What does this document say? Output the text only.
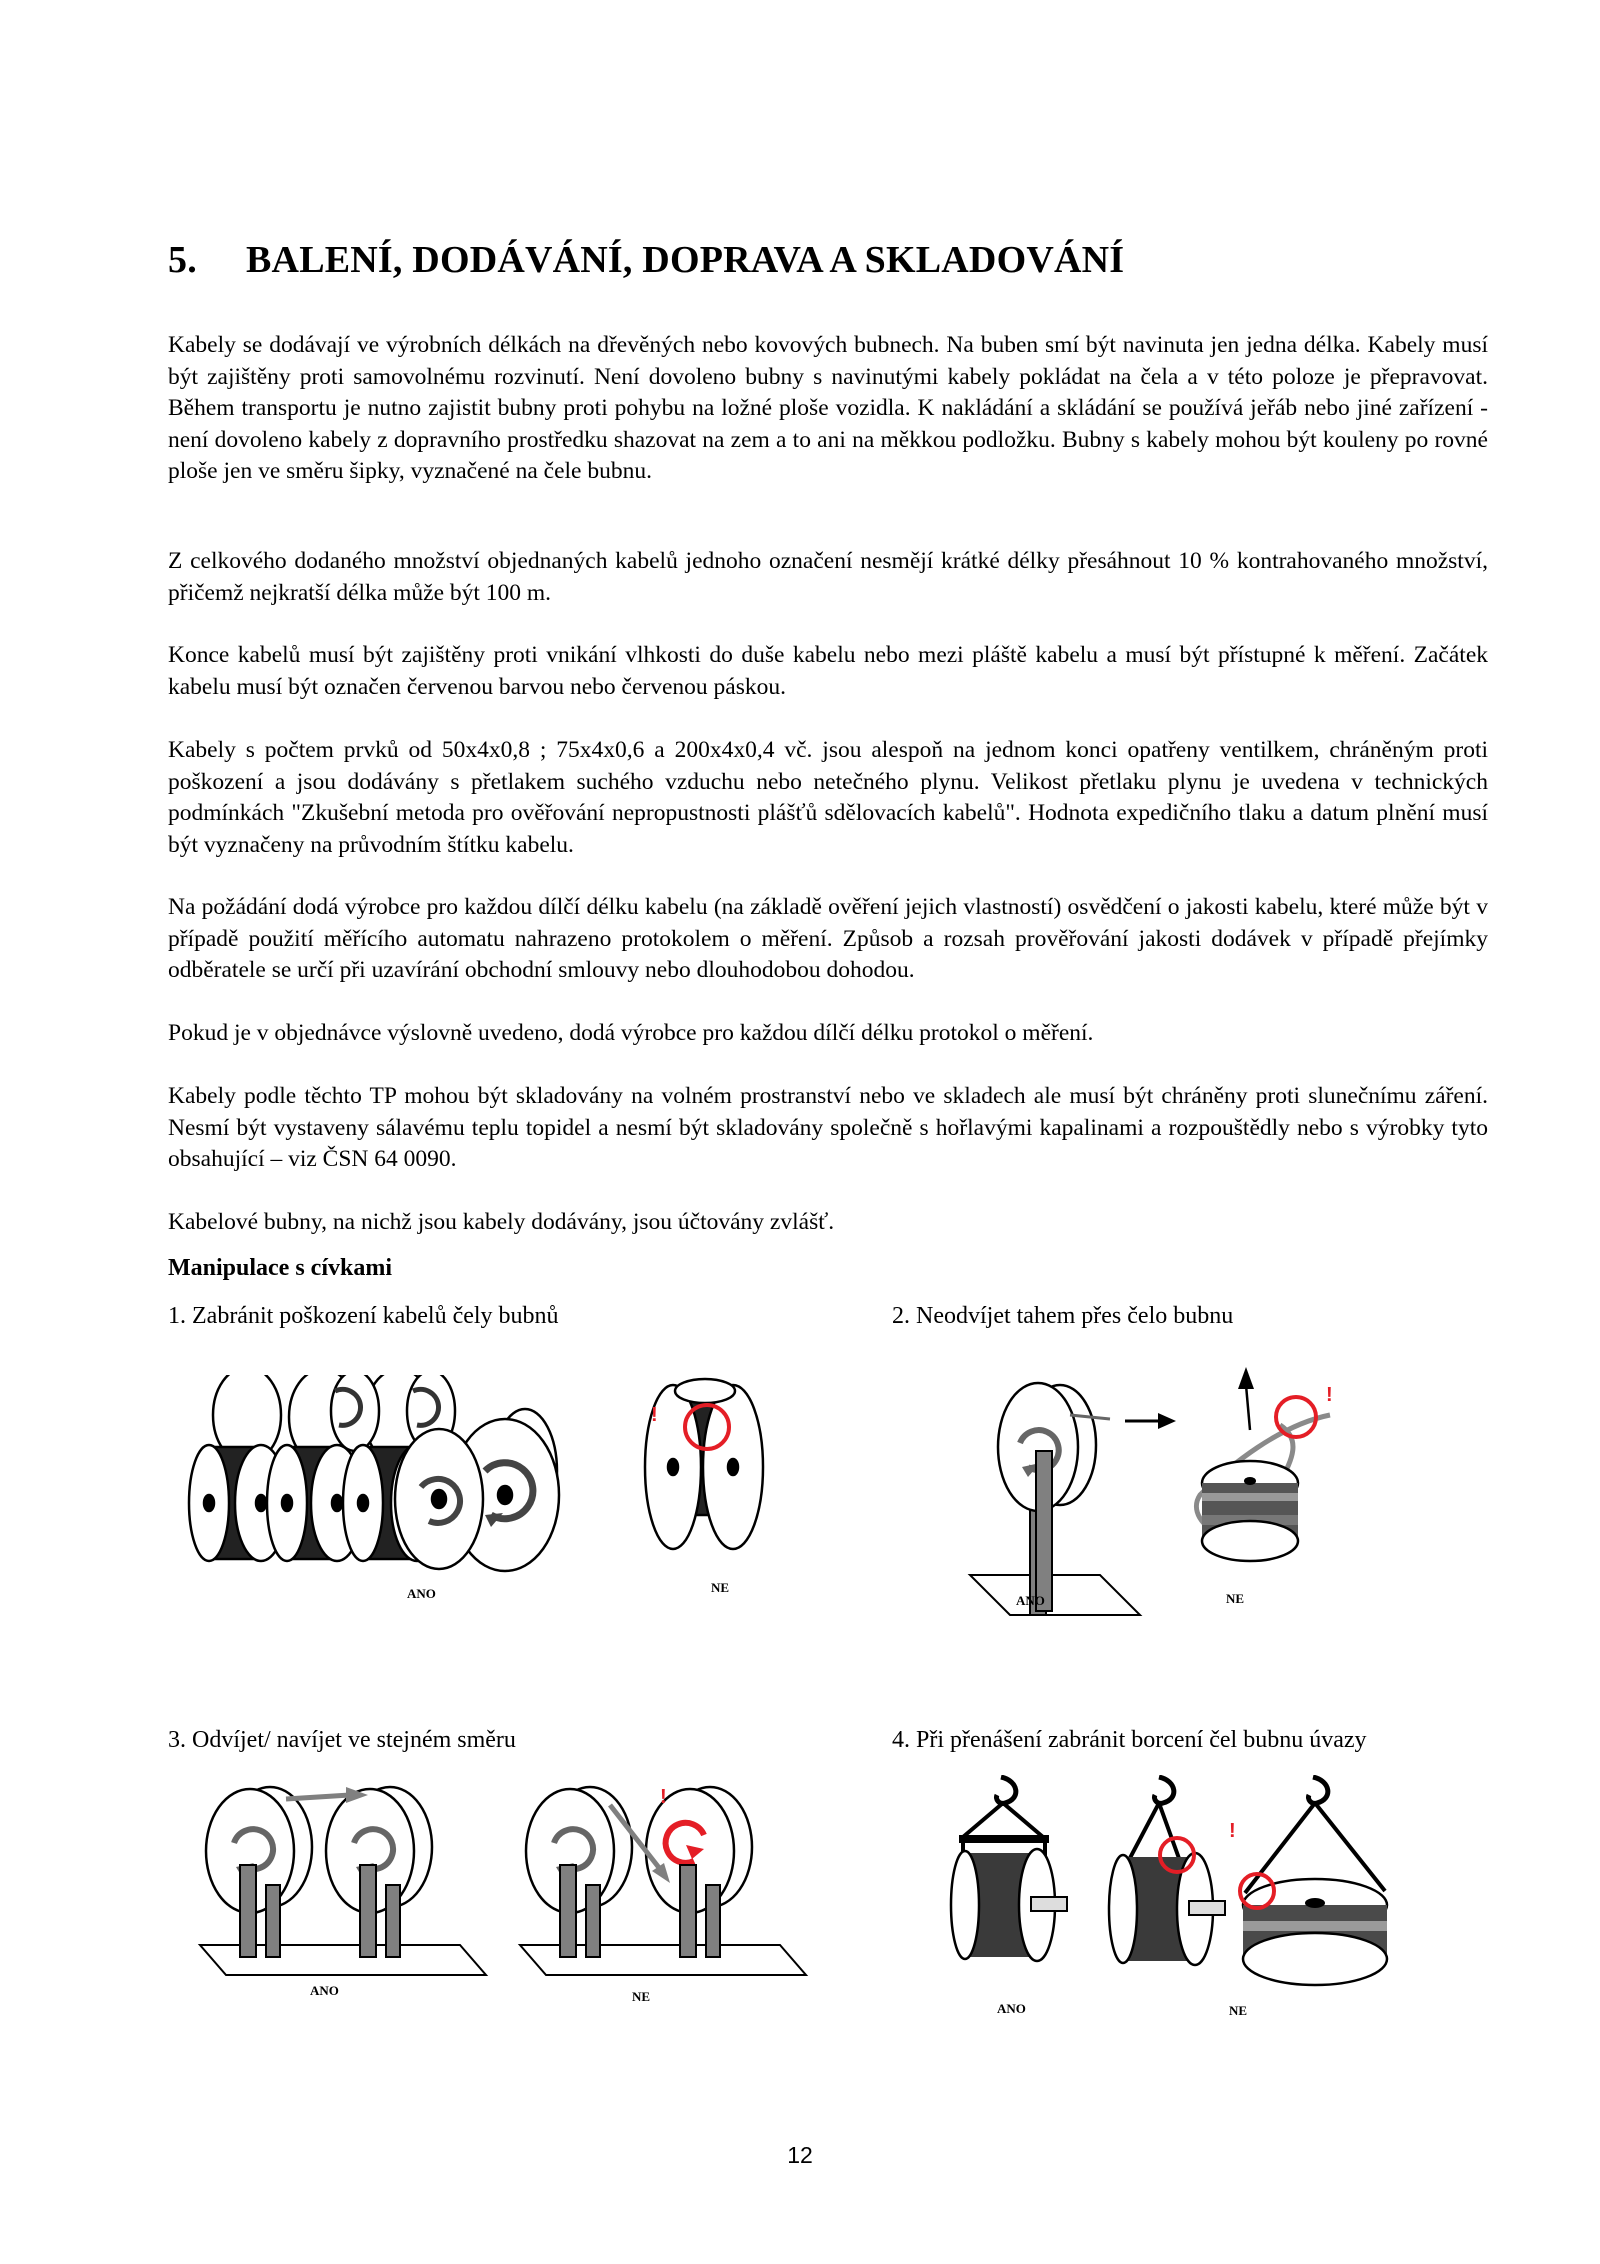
5. BALENÍ, DODÁVÁNÍ, DOPRAVA A SKLADOVÁNÍ

Kabely se dodávají ve výrobních délkách na dřevěných nebo kovových bubnech. Na buben smí být navinuta jen jedna délka. Kabely musí být zajištěny proti samovolnému rozvinutí. Není dovoleno bubny s navinutými kabely pokládat na čela a v této poloze je přepravovat. Během transportu je nutno zajistit bubny proti pohybu na ložné ploše vozidla. K nakládání a skládání se používá jeřáb nebo jiné zařízení - není dovoleno kabely z dopravního prostředku shazovat na zem a to ani na měkkou podložku. Bubny s kabely mohou být kouleny po rovné ploše jen ve směru šipky, vyznačené na čele bubnu.

Z celkového dodaného množství objednaných kabelů jednoho označení nesmějí krátké délky přesáhnout 10 % kontrahovaného množství, přičemž nejkratší délka může být 100 m.

Konce kabelů musí být zajištěny proti vnikání vlhkosti do duše kabelu nebo mezi pláště kabelu a musí být přístupné k měření. Začátek kabelu musí být označen červenou barvou nebo červenou páskou.

Kabely s počtem prvků od 50x4x0,8 ; 75x4x0,6 a 200x4x0,4 vč. jsou alespoň na jednom konci opatřeny ventilkem, chráněným proti poškození a jsou dodávány s přetlakem suchého vzduchu nebo netečného plynu. Velikost přetlaku plynu je uvedena v technických podmínkách "Zkušební metoda pro ověřování nepropustnosti plášťů sdělovacích kabelů". Hodnota expedičního tlaku a datum plnění musí být vyznačeny na průvodním štítku kabelu.

Na požádání dodá výrobce pro každou dílčí délku kabelu (na základě ověření jejich vlastností) osvědčení o jakosti kabelu, které může být v případě použití měřícího automatu nahrazeno protokolem o měření. Způsob a rozsah prověřování jakosti dodávek v případě přejímky odběratele se určí při uzavírání obchodní smlouvy nebo dlouhodobou dohodou.

Pokud je v objednávce výslovně uvedeno, dodá výrobce pro každou dílčí délku protokol o měření.

Kabely podle těchto TP mohou být skladovány na volném prostranství nebo ve skladech ale musí být chráněny proti slunečnímu záření. Nesmí být vystaveny sálavému teplu topidel a nesmí být skladovány společně s hořlavými kapalinami a rozpouštědly nebo s výrobky tyto obsahující – viz ČSN 64 0090.

Kabelové bubny, na nichž jsou kabely dodávány, jsou účtovány zvlášť.

Manipulace s cívkami

1. Zabránit poškození kabelů čely bubnů	2. Neodvíjet tahem přes čelo bubnu

3. Odvíjet/ navíjet ve stejném směru	4. Při přenášení zabránit borcení čel bubnu úvazy

!
ANO	NE
!
ANO	NE
!
ANO	NE
!
ANO	NE

12
